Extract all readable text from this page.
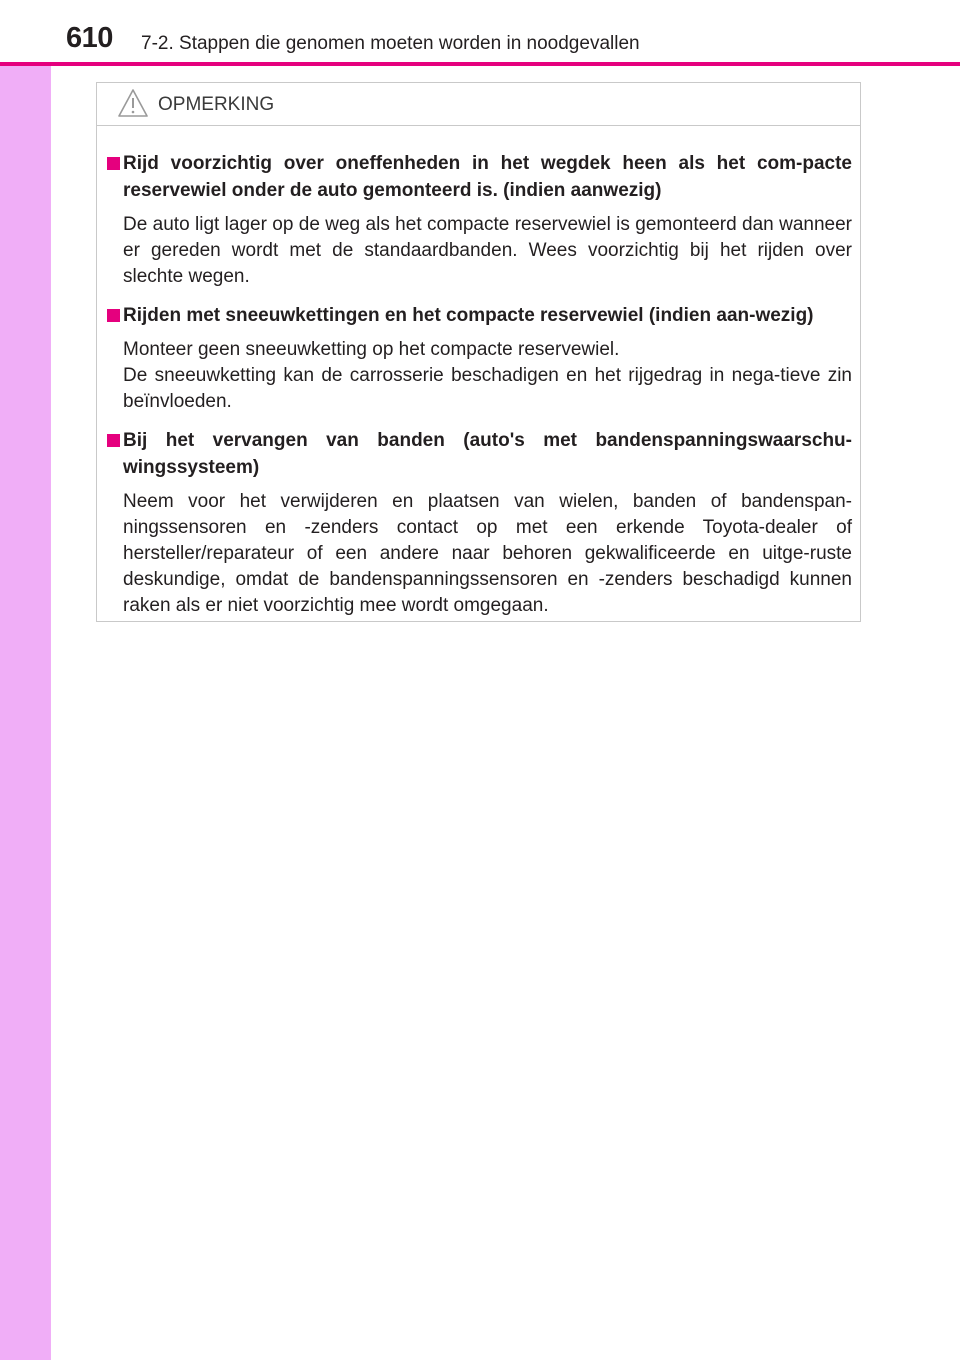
610 7-2. Stappen die genomen moeten worden in noodgevallen
OPMERKING
Rijd voorzichtig over oneffenheden in het wegdek heen als het com-pacte reservewiel onder de auto gemonteerd is. (indien aanwezig)
De auto ligt lager op de weg als het compacte reservewiel is gemonteerd dan wanneer er gereden wordt met de standaardbanden. Wees voorzichtig bij het rijden over slechte wegen.
Rijden met sneeuwkettingen en het compacte reservewiel (indien aan-wezig)
Monteer geen sneeuwketting op het compacte reservewiel.
De sneeuwketting kan de carrosserie beschadigen en het rijgedrag in nega-tieve zin beïnvloeden.
Bij het vervangen van banden (auto's met bandenspanningswaarschu-wingssysteem)
Neem voor het verwijderen en plaatsen van wielen, banden of bandenspan-ningssensoren en -zenders contact op met een erkende Toyota-dealer of hersteller/reparateur of een andere naar behoren gekwalificeerde en uitge-ruste deskundige, omdat de bandenspanningssensoren en -zenders beschadigd kunnen raken als er niet voorzichtig mee wordt omgegaan.
